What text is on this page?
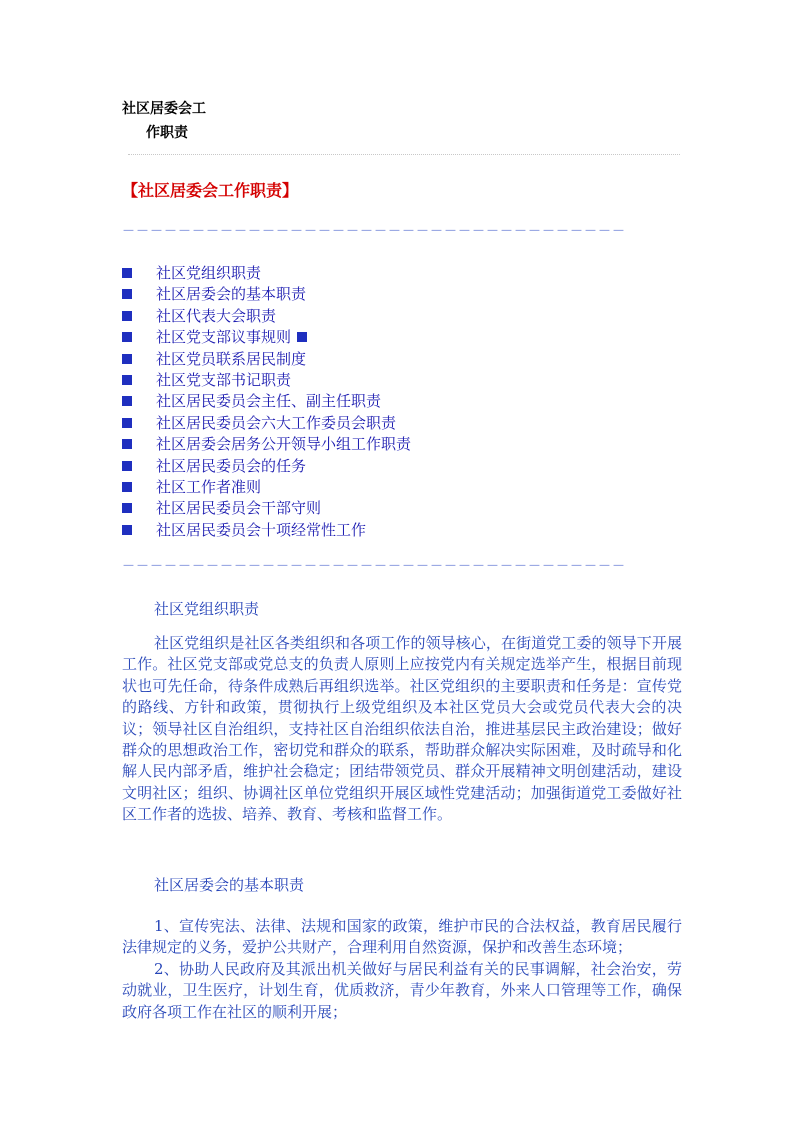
社区居委会工
作职责
【社区居委会工作职责】
－－－－－－－－－－－－－－－－－－－－－－－－－－－－－－－－－－－－
社区党组织职责
社区居委会的基本职责
社区代表大会职责
社区党支部议事规则
社区党员联系居民制度
社区党支部书记职责
社区居民委员会主任、副主任职责
社区居民委员会六大工作委员会职责
社区居委会居务公开领导小组工作职责
社区居民委员会的任务
社区工作者准则
社区居民委员会干部守则
社区居民委员会十项经常性工作
－－－－－－－－－－－－－－－－－－－－－－－－－－－－－－－－－－－－
社区党组织职责

社区党组织是社区各类组织和各项工作的领导核心，在街道党工委的领导下开展工作。社区党支部或党总支的负责人原则上应按党内有关规定选举产生，根据目前现状也可先任命，待条件成熟后再组织选举。社区党组织的主要职责和任务是：宣传党的路线、方针和政策，贯彻执行上级党组织及本社区党员大会或党员代表大会的决议；领导社区自治组织，支持社区自治组织依法自治，推进基层民主政治建设；做好群众的思想政治工作，密切党和群众的联系，帮助群众解决实际困难，及时疏导和化解人民内部矛盾，维护社会稳定；团结带领党员、群众开展精神文明创建活动，建设文明社区；组织、协调社区单位党组织开展区域性党建活动；加强街道党工委做好社区工作者的选拔、培养、教育、考核和监督工作。

社区居委会的基本职责

1、宣传宪法、法律、法规和国家的政策，维护市民的合法权益，教育居民履行法律规定的义务，爱护公共财产，合理利用自然资源，保护和改善生态环境；

2、协助人民政府及其派出机关做好与居民利益有关的民事调解，社会治安，劳动就业，卫生医疗，计划生育，优质救济，青少年教育，外来人口管理等工作，确保政府各项工作在社区的顺利开展；
